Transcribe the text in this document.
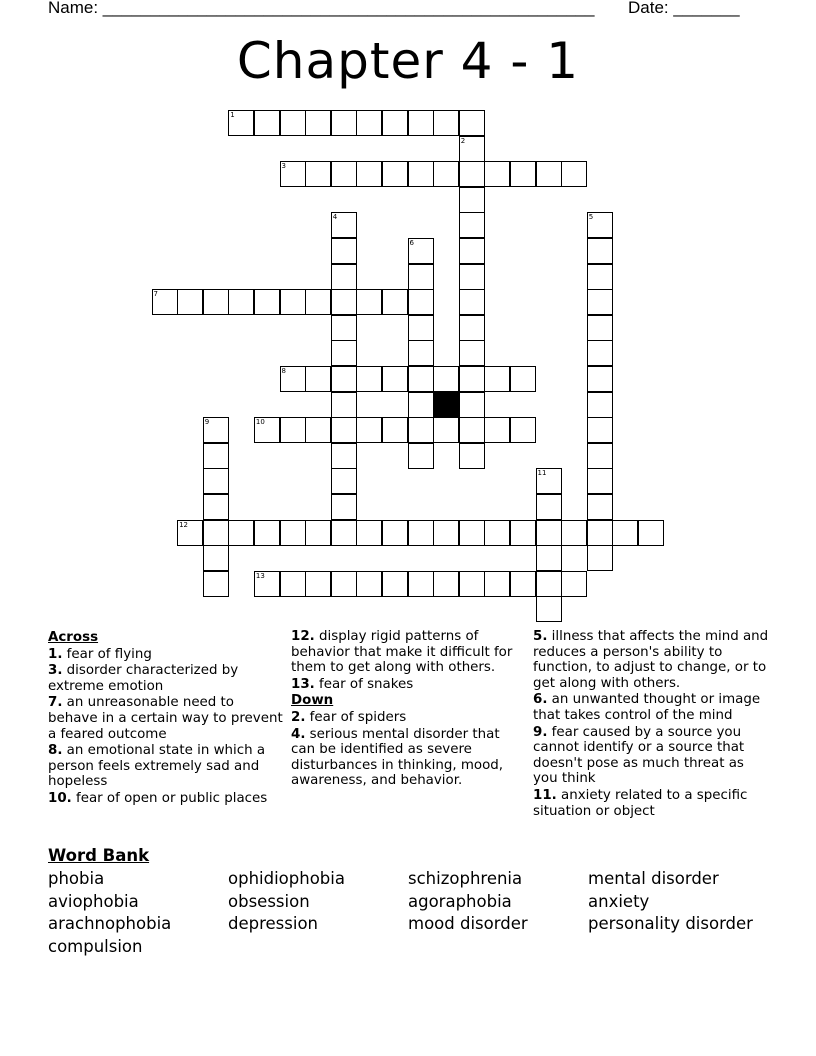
Name: ____________________________________________________ Date: _______
Chapter 4 - 1
1
2
3
4	5
6
7
8
9	10
11
12
13

Across

1. fear of flying

3. disorder characterized by extreme emotion

7. an unreasonable need to behave in a certain way to prevent a feared outcome

8. an emotional state in which a person feels extremely sad and hopeless

10. fear of open or public places

12. display rigid patterns of behavior that make it difficult for them to get along with others.

13. fear of snakes

Down

2. fear of spiders

4. serious mental disorder that can be identified as severe disturbances in thinking, mood, awareness, and behavior.

5. illness that affects the mind and reduces a person's ability to function, to adjust to change, or to get along with others.

6. an unwanted thought or image that takes control of the mind

9. fear caused by a source you cannot identify or a source that doesn't pose as much threat as you think

11. anxiety related to a specific situation or object

Word Bank
phobia	ophidiophobia	schizophrenia	mental disorder
aviophobia	obsession	agoraphobia	anxiety
arachnophobia	depression	mood disorder	personality disorder
compulsion
